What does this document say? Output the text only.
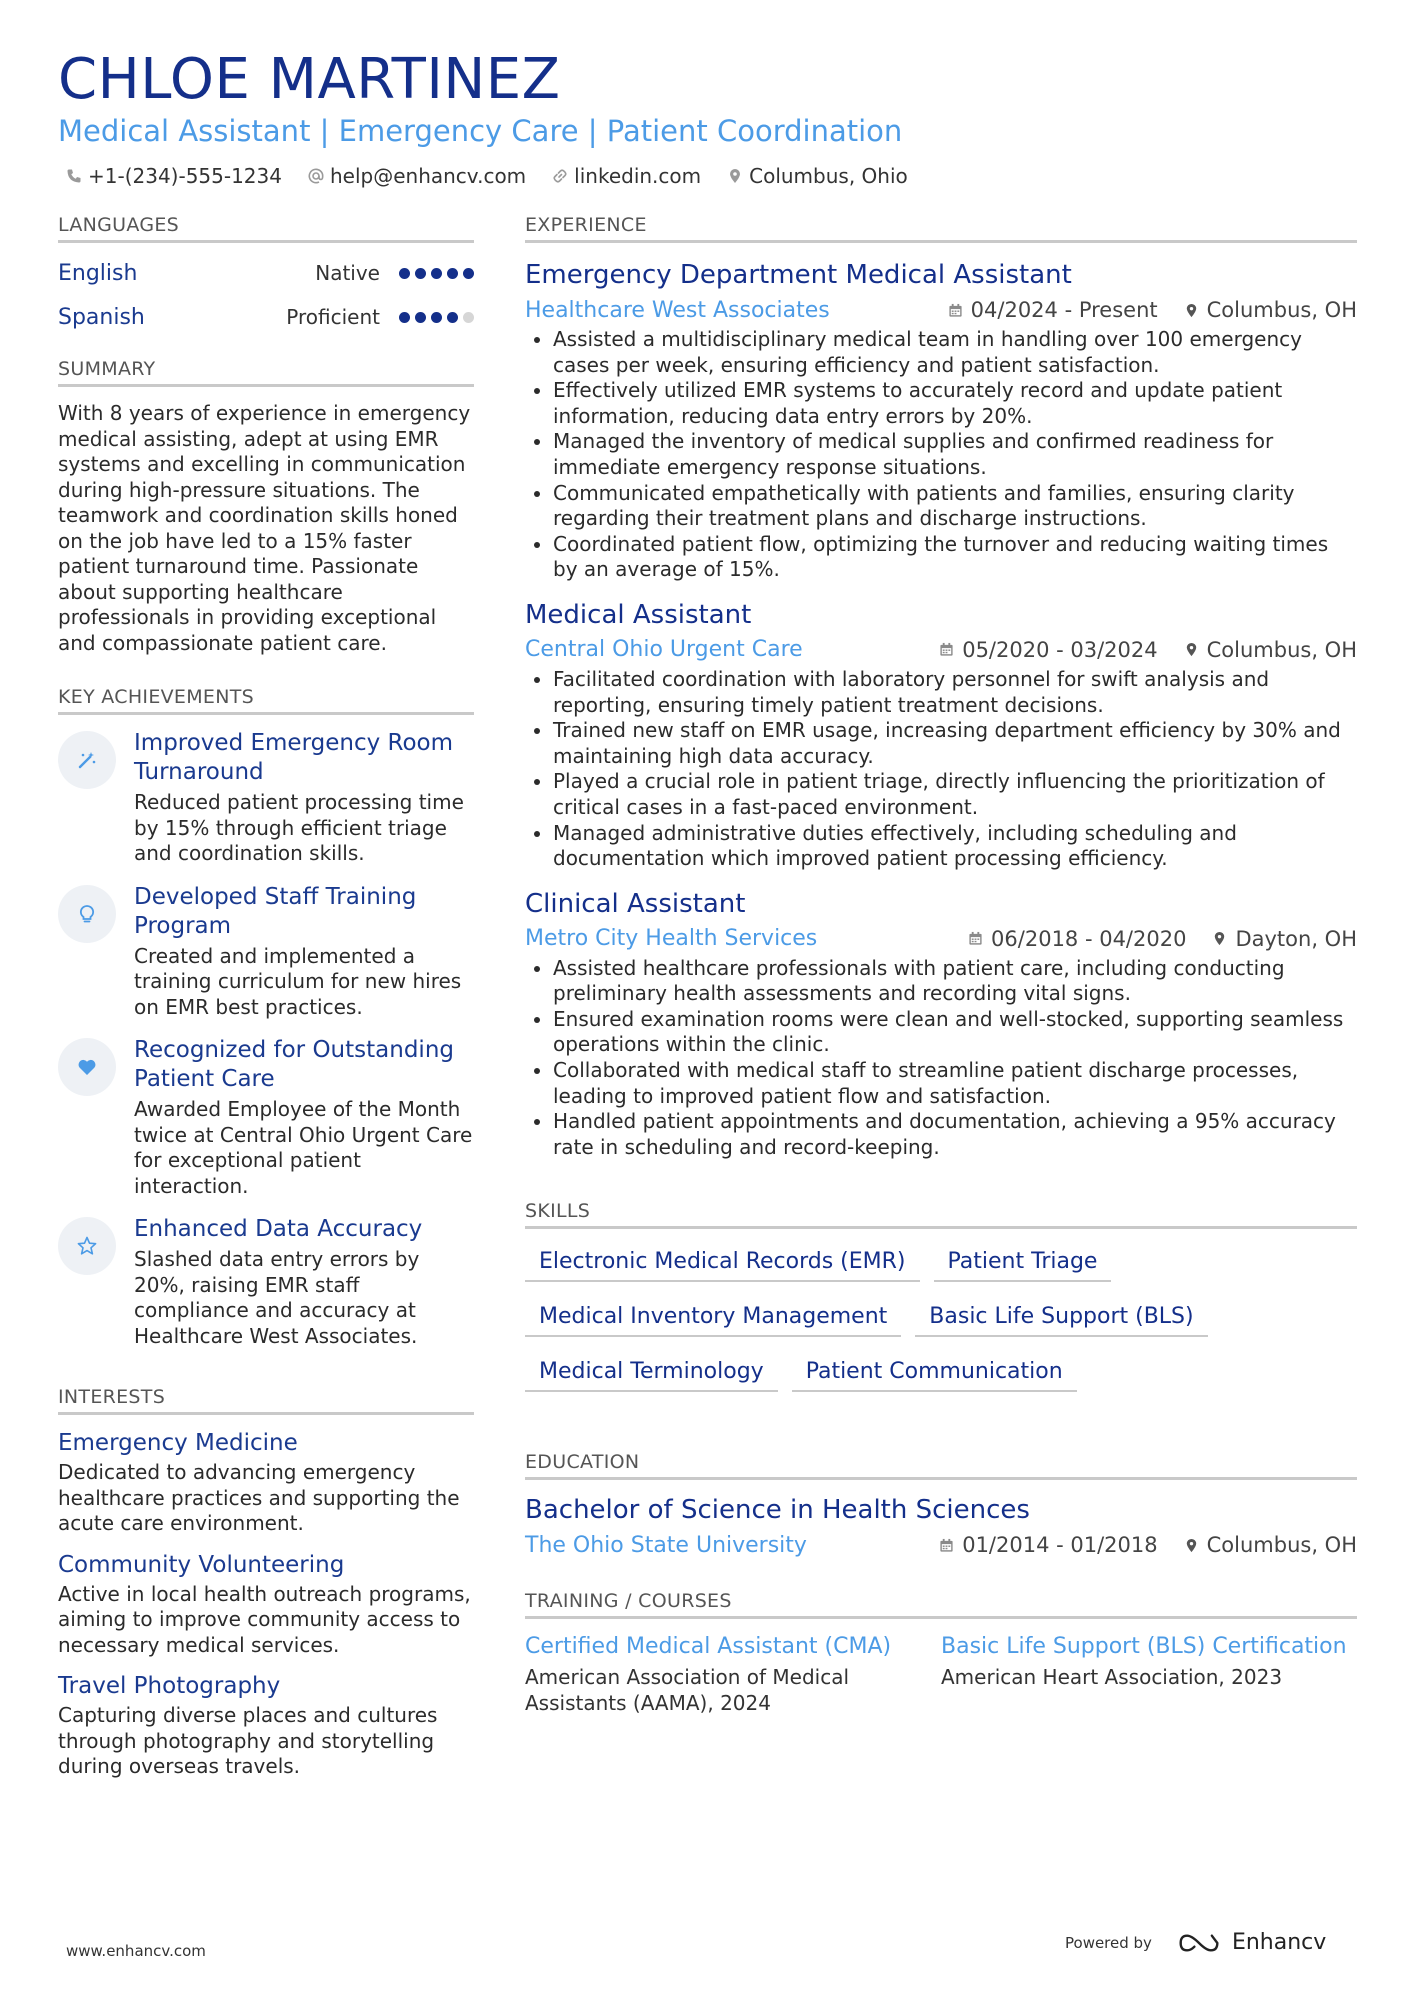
CHLOE MARTINEZ
Medical Assistant | Emergency Care | Patient Coordination
+1-(234)-555-1234 help@enhancv.com linkedin.com Columbus, Ohio
LANGUAGES
English	Native
Spanish	Proficient
SUMMARY
With 8 years of experience in emergency medical assisting, adept at using EMR systems and excelling in communication during high-pressure situations. The teamwork and coordination skills honed on the job have led to a 15% faster patient turnaround time. Passionate about supporting healthcare professionals in providing exceptional and compassionate patient care.
KEY ACHIEVEMENTS
Improved Emergency Room Turnaround
Reduced patient processing time by 15% through efficient triage and coordination skills.
Developed Staff Training Program
Created and implemented a training curriculum for new hires on EMR best practices.
Recognized for Outstanding Patient Care
Awarded Employee of the Month twice at Central Ohio Urgent Care for exceptional patient interaction.
Enhanced Data Accuracy
Slashed data entry errors by 20%, raising EMR staff compliance and accuracy at Healthcare West Associates.
INTERESTS
Emergency Medicine
Dedicated to advancing emergency healthcare practices and supporting the acute care environment.
Community Volunteering
Active in local health outreach programs, aiming to improve community access to necessary medical services.
Travel Photography
Capturing diverse places and cultures through photography and storytelling during overseas travels.
EXPERIENCE
Emergency Department Medical Assistant
Healthcare West Associates	04/2024 - Present Columbus, OH
• Assisted a multidisciplinary medical team in handling over 100 emergency cases per week, ensuring efficiency and patient satisfaction.
• Effectively utilized EMR systems to accurately record and update patient information, reducing data entry errors by 20%.
• Managed the inventory of medical supplies and confirmed readiness for immediate emergency response situations.
• Communicated empathetically with patients and families, ensuring clarity regarding their treatment plans and discharge instructions.
• Coordinated patient flow, optimizing the turnover and reducing waiting times by an average of 15%.
Medical Assistant
Central Ohio Urgent Care	05/2020 - 03/2024 Columbus, OH
• Facilitated coordination with laboratory personnel for swift analysis and reporting, ensuring timely patient treatment decisions.
• Trained new staff on EMR usage, increasing department efficiency by 30% and maintaining high data accuracy.
• Played a crucial role in patient triage, directly influencing the prioritization of critical cases in a fast-paced environment.
• Managed administrative duties effectively, including scheduling and documentation which improved patient processing efficiency.
Clinical Assistant
Metro City Health Services	06/2018 - 04/2020 Dayton, OH
• Assisted healthcare professionals with patient care, including conducting preliminary health assessments and recording vital signs.
• Ensured examination rooms were clean and well-stocked, supporting seamless operations within the clinic.
• Collaborated with medical staff to streamline patient discharge processes, leading to improved patient flow and satisfaction.
• Handled patient appointments and documentation, achieving a 95% accuracy rate in scheduling and record-keeping.
SKILLS
Electronic Medical Records (EMR)	Patient Triage
Medical Inventory Management	Basic Life Support (BLS)
Medical Terminology	Patient Communication
EDUCATION
Bachelor of Science in Health Sciences
The Ohio State University	01/2014 - 01/2018 Columbus, OH
TRAINING / COURSES
Certified Medical Assistant (CMA)
American Association of Medical Assistants (AAMA), 2024
Basic Life Support (BLS) Certification
American Heart Association, 2023
www.enhancv.com	Powered by	Enhancv
